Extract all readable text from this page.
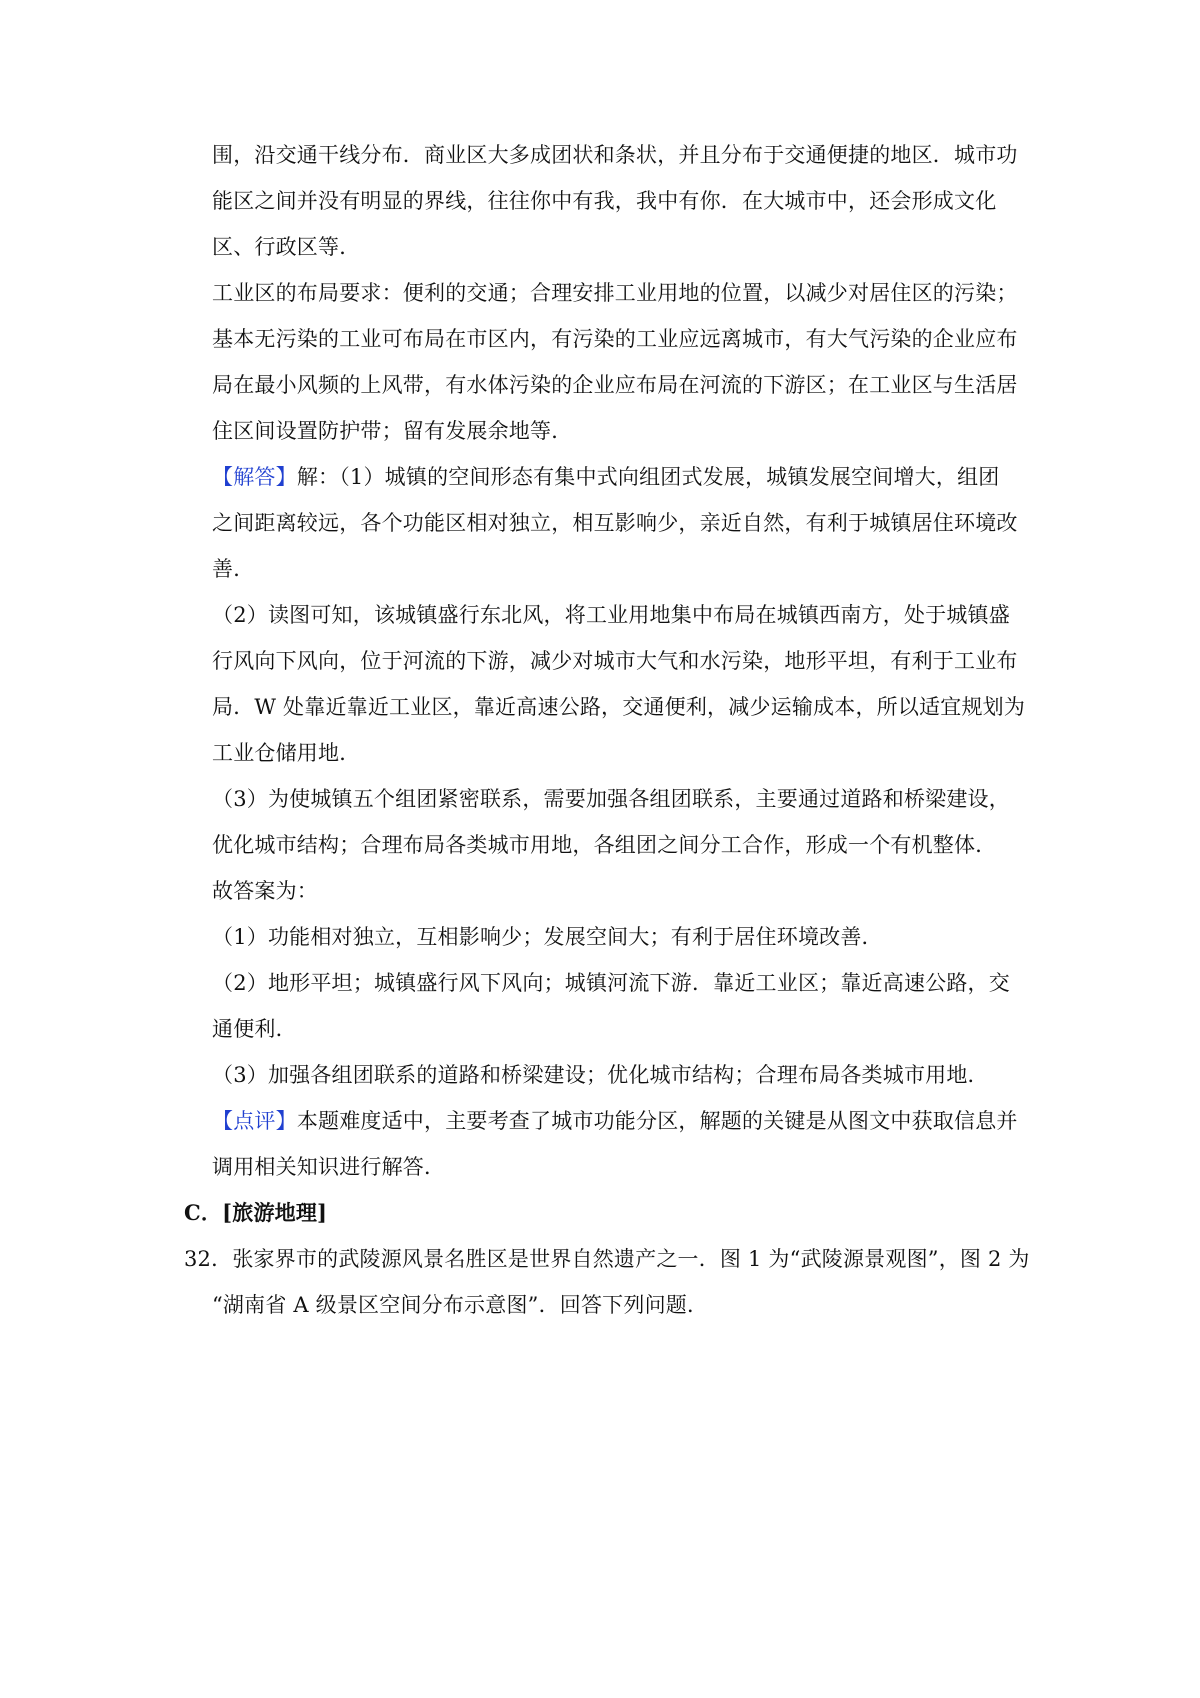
围，沿交通干线分布．商业区大多成团状和条状，并且分布于交通便捷的地区．城市功
能区之间并没有明显的界线，往往你中有我，我中有你．在大城市中，还会形成文化
区、行政区等．
工业区的布局要求：便利的交通；合理安排工业用地的位置，以减少对居住区的污染；
基本无污染的工业可布局在市区内，有污染的工业应远离城市，有大气污染的企业应布
局在最小风频的上风带，有水体污染的企业应布局在河流的下游区；在工业区与生活居
住区间设置防护带；留有发展余地等．
【解答】解：（1）城镇的空间形态有集中式向组团式发展，城镇发展空间增大，组团
之间距离较远，各个功能区相对独立，相互影响少，亲近自然，有利于城镇居住环境改
善．
（2）读图可知，该城镇盛行东北风，将工业用地集中布局在城镇西南方，处于城镇盛
行风向下风向，位于河流的下游，减少对城市大气和水污染，地形平坦，有利于工业布
局．W 处靠近靠近工业区，靠近高速公路，交通便利，减少运输成本，所以适宜规划为
工业仓储用地．
（3）为使城镇五个组团紧密联系，需要加强各组团联系，主要通过道路和桥梁建设，
优化城市结构；合理布局各类城市用地，各组团之间分工合作，形成一个有机整体．
故答案为：
（1）功能相对独立，互相影响少；发展空间大；有利于居住环境改善．
（2）地形平坦；城镇盛行风下风向；城镇河流下游．靠近工业区；靠近高速公路，交
通便利．
（3）加强各组团联系的道路和桥梁建设；优化城市结构；合理布局各类城市用地．
【点评】本题难度适中，主要考查了城市功能分区，解题的关键是从图文中获取信息并
调用相关知识进行解答．
C．[旅游地理]
32．张家界市的武陵源风景名胜区是世界自然遗产之一．图 1 为“武陵源景观图”，图 2 为
“湖南省 A 级景区空间分布示意图”．回答下列问题．
